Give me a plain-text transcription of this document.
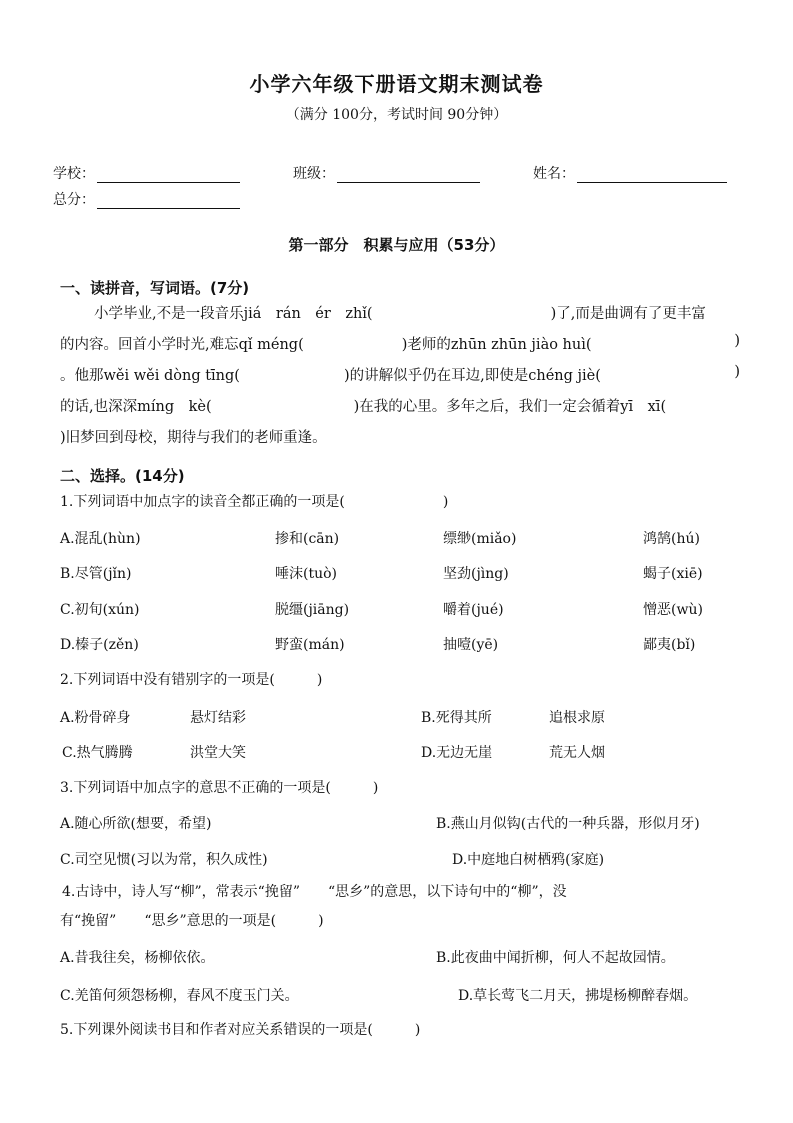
小学六年级下册语文期末测试卷
（满分 100分，考试时间 90分钟）
学校：	班级：	姓名：
总分：
第一部分　积累与应用（53分）
一、读拼音，写词语。(7分)
小学毕业,不是一段音乐jiá　rán　ér　zhǐ(	)了,而是曲调有了更丰富
的内容。回首小学时光,难忘qǐ méng(	)老师的zhūn zhūn jiào huì(	)
。他那wěi wěi dòng tīng(	)的讲解似乎仍在耳边,即使是chéng jiè(	)
的话,也深深míng　kè(	)在我的心里。多年之后，我们一定会循着yī　xī(
)旧梦回到母校，期待与我们的老师重逢。
二、选择。(14分)
1.下列词语中加点字的读音全都正确的一项是(　　　　　　　)
A.混乱(hùn)	掺和(cān)	缥缈(miǎo)	鸿鹄(hú)
B.尽管(jǐn)	唾沫(tuò)	坚劲(jìng)	蝎子(xiē)
C.初旬(xún)	脱缰(jiāng)	嚼着(jué)	憎恶(wù)
D.榛子(zěn)	野蛮(mán)	抽噎(yē)	鄙夷(bǐ)
2.下列词语中没有错别字的一项是(　　　)
A.粉骨碎身	悬灯结彩	B.死得其所	追根求原
C.热气腾腾	洪堂大笑	D.无边无崖	荒无人烟
3.下列词语中加点字的意思不正确的一项是(　　　)
A.随心所欲(想要，希望)	B.燕山月似钩(古代的一种兵器，形似月牙)
C.司空见惯(习以为常，积久成性)	D.中庭地白树栖鸦(家庭)
4.古诗中，诗人写“柳”，常表示“挽留”　　“思乡”的意思，以下诗句中的“柳”，没
有“挽留”　　“思乡”意思的一项是(　　　)
A.昔我往矣，杨柳依依。	B.此夜曲中闻折柳，何人不起故园情。
C.羌笛何须怨杨柳，春风不度玉门关。	D.草长莺飞二月天，拂堤杨柳醉春烟。
5.下列课外阅读书目和作者对应关系错误的一项是(　　　)
